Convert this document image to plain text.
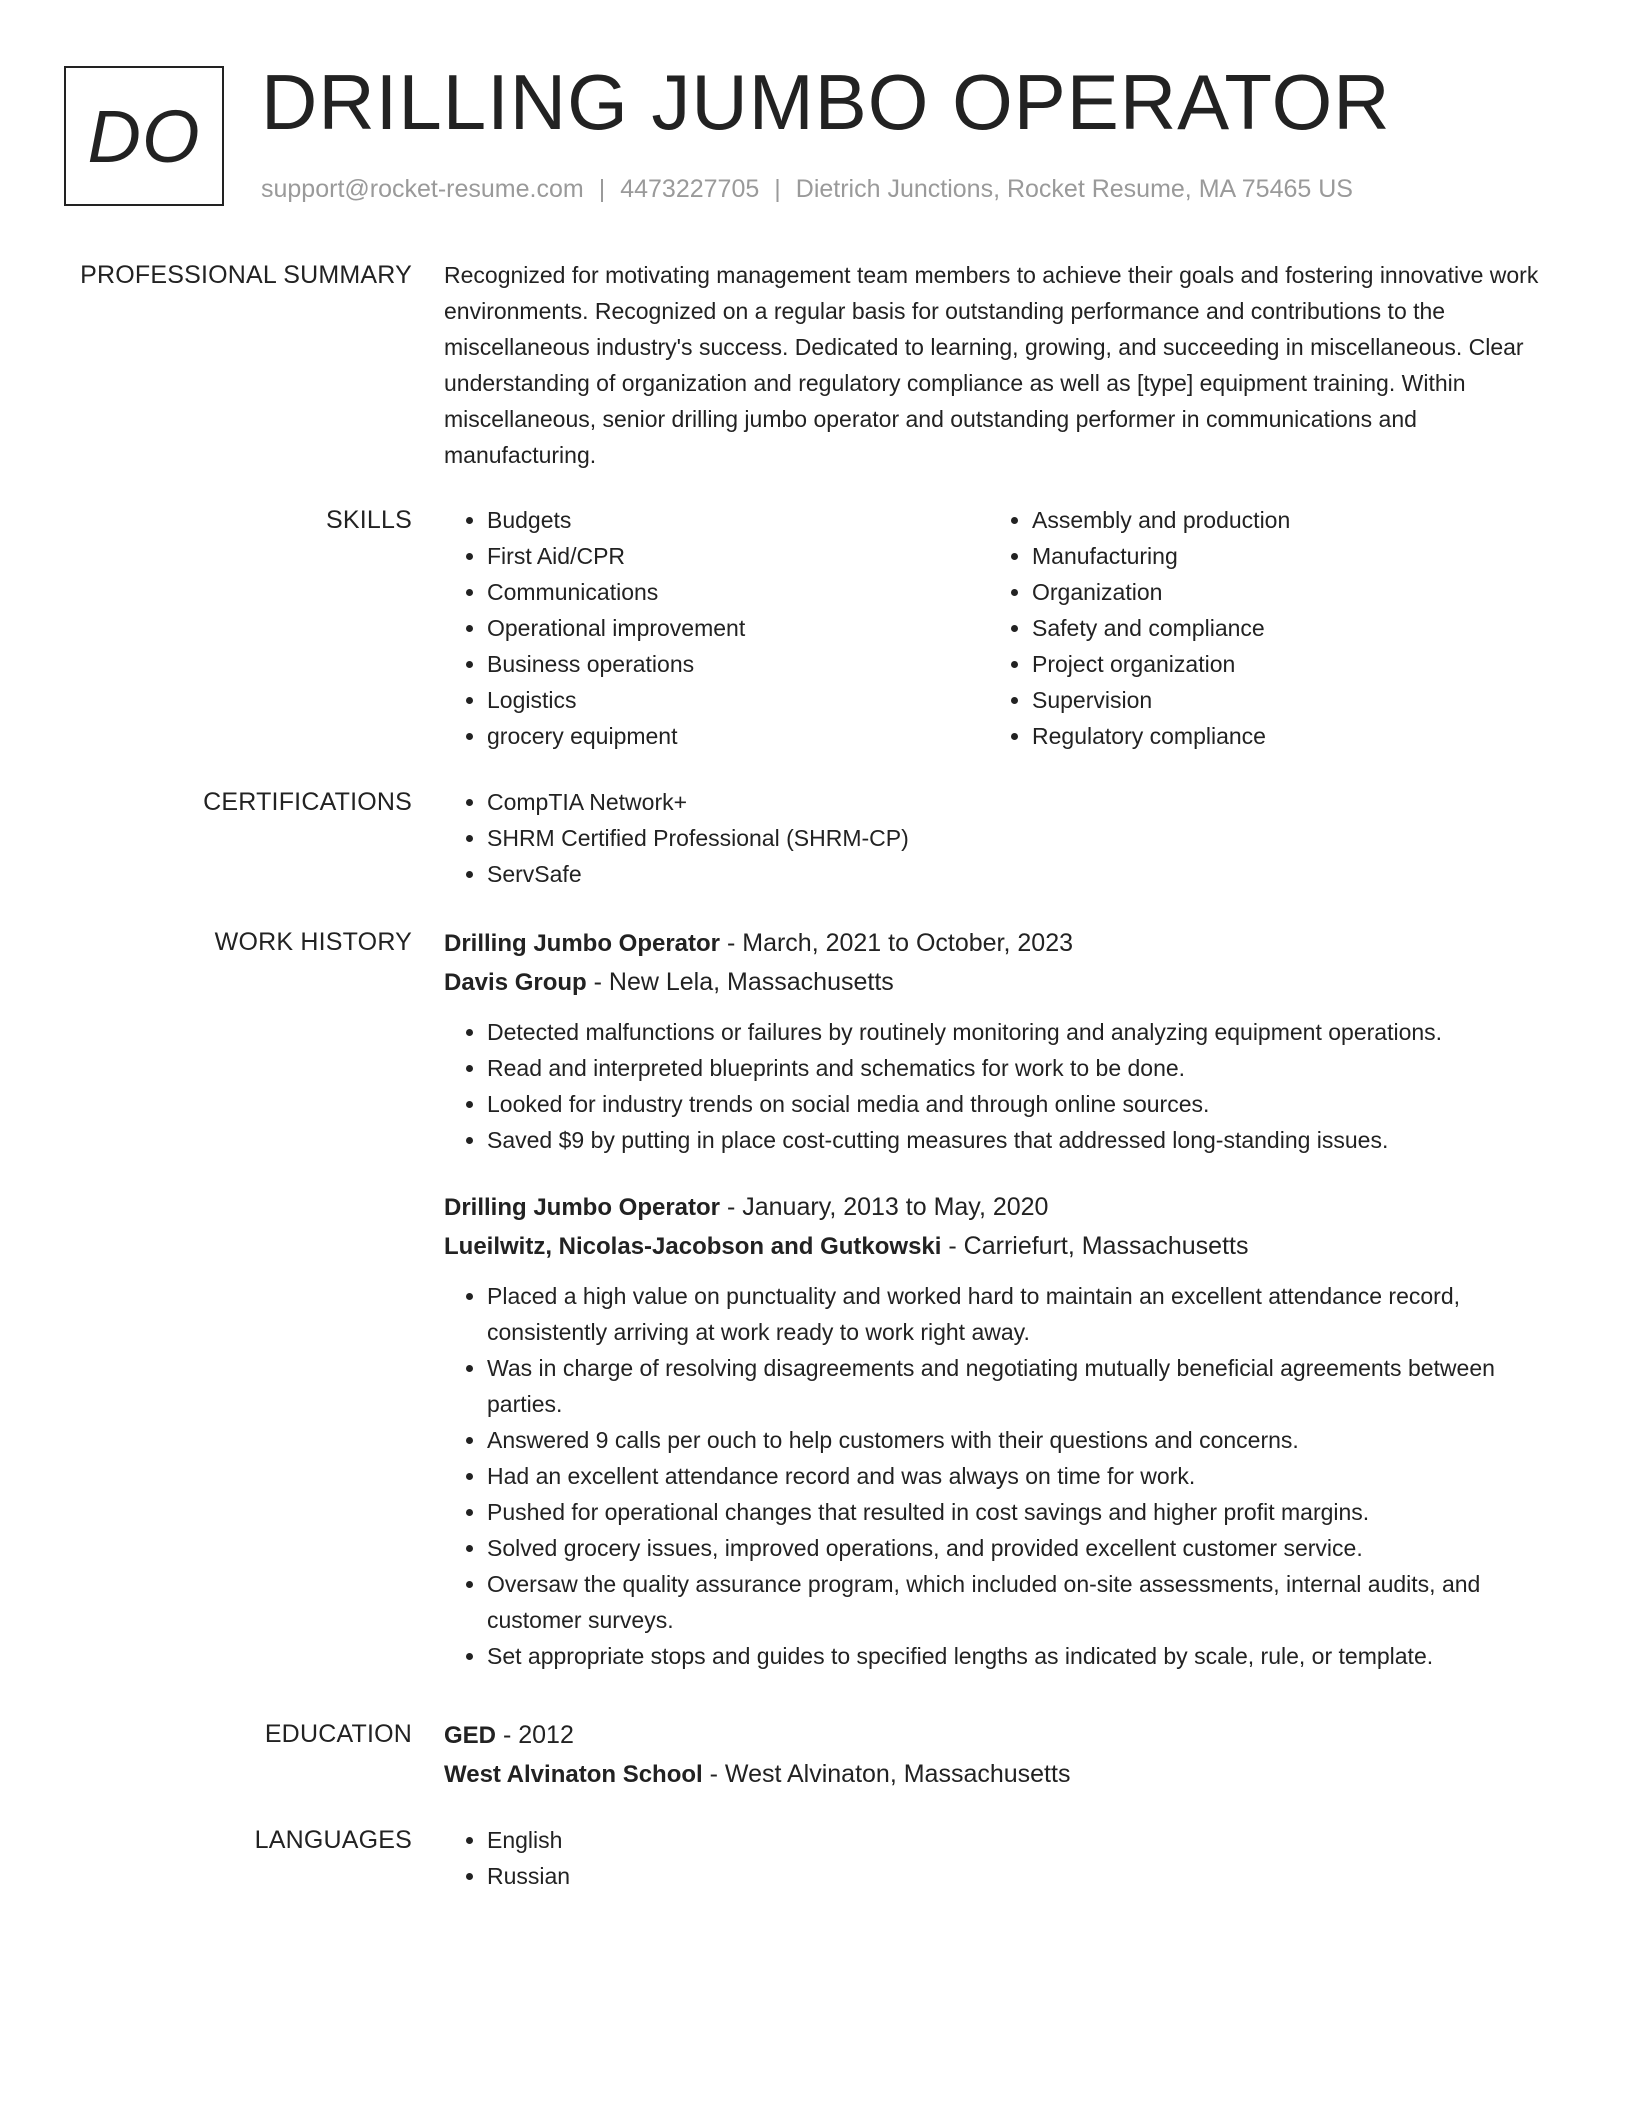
DO DRILLING JUMBO OPERATOR
support@rocket-resume.com | 4473227705 | Dietrich Junctions, Rocket Resume, MA 75465 US
PROFESSIONAL SUMMARY Recognized for motivating management team members to achieve their goals and fostering innovative work environments. Recognized on a regular basis for outstanding performance and contributions to the miscellaneous industry's success. Dedicated to learning, growing, and succeeding in miscellaneous. Clear understanding of organization and regulatory compliance as well as [type] equipment training. Within miscellaneous, senior drilling jumbo operator and outstanding performer in communications and manufacturing.

SKILLS	• Budgets
• First Aid/CPR
• Communications
• Operational improvement
• Business operations
• Logistics
• grocery equipment
• Assembly and production
• Manufacturing
• Organization
• Safety and compliance
• Project organization
• Supervision
• Regulatory compliance
CERTIFICATIONS	• CompTIA Network+
• SHRM Certified Professional (SHRM-CP)
• ServSafe
WORK HISTORY Drilling Jumbo Operator - March, 2021 to October, 2023
Davis Group - New Lela, Massachusetts
• Detected malfunctions or failures by routinely monitoring and analyzing equipment operations.
• Read and interpreted blueprints and schematics for work to be done.
• Looked for industry trends on social media and through online sources.
• Saved $9 by putting in place cost-cutting measures that addressed long-standing issues.
Drilling Jumbo Operator - January, 2013 to May, 2020
Lueilwitz, Nicolas-Jacobson and Gutkowski - Carriefurt, Massachusetts
• Placed a high value on punctuality and worked hard to maintain an excellent attendance record, consistently arriving at work ready to work right away.
• Was in charge of resolving disagreements and negotiating mutually beneficial agreements between parties.
• Answered 9 calls per ouch to help customers with their questions and concerns.
• Had an excellent attendance record and was always on time for work.
• Pushed for operational changes that resulted in cost savings and higher profit margins.
• Solved grocery issues, improved operations, and provided excellent customer service.
• Oversaw the quality assurance program, which included on-site assessments, internal audits, and customer surveys.
• Set appropriate stops and guides to specified lengths as indicated by scale, rule, or template.
EDUCATION GED - 2012
West Alvinaton School - West Alvinaton, Massachusetts
LANGUAGES	• English
• Russian
